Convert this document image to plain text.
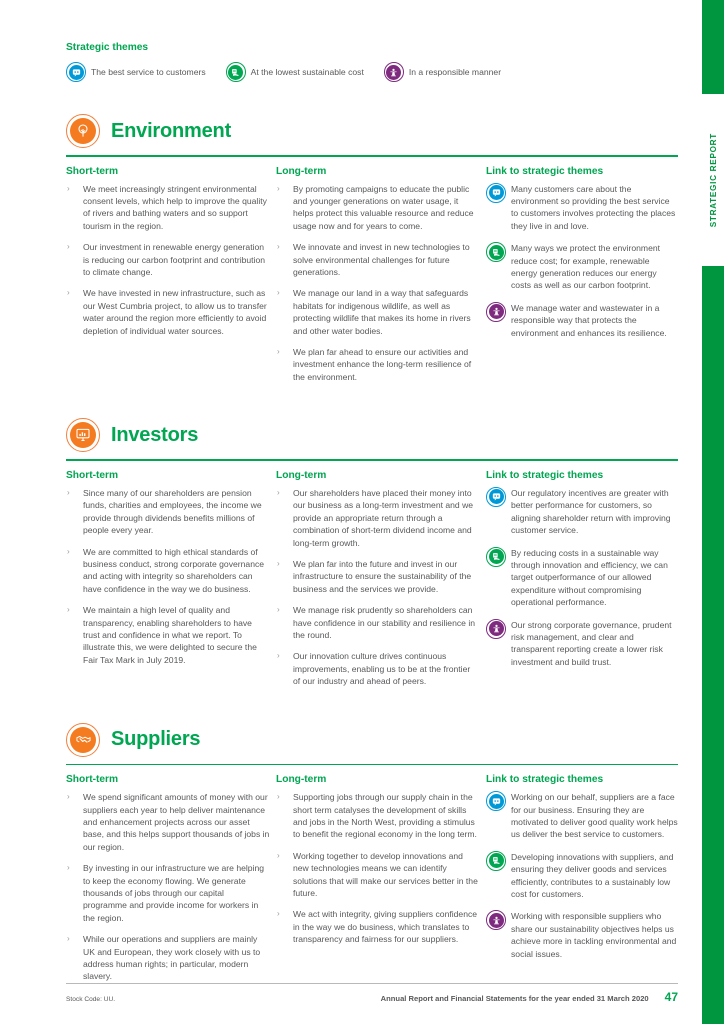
STRATEGIC REPORT
Strategic themes
The best service to customers	At the lowest sustainable cost	In a responsible manner
Environment
Short-term
› We meet increasingly stringent environmental consent levels, which help to improve the quality of rivers and bathing waters and so support tourism in the region.
› Our investment in renewable energy generation is reducing our carbon footprint and contribution to climate change.
› We have invested in new infrastructure, such as our West Cumbria project, to allow us to transfer water around the region more efficiently to avoid depletion of individual water sources.
Long-term
› By promoting campaigns to educate the public and younger generations on water usage, it helps protect this valuable resource and reduce usage now and for years to come.
› We innovate and invest in new technologies to solve environmental challenges for future generations.
› We manage our land in a way that safeguards habitats for indigenous wildlife, as well as protecting wildlife that makes its home in rivers and other water bodies.
› We plan far ahead to ensure our activities and investment enhance the long-term resilience of the environment.
Link to strategic themes
Many customers care about the environment so providing the best service to customers involves protecting the places they live in and love.
Many ways we protect the environment reduce cost; for example, renewable energy generation reduces our energy costs as well as our carbon footprint.
We manage water and wastewater in a responsible way that protects the environment and enhances its resilience.
Investors
Short-term
› Since many of our shareholders are pension funds, charities and employees, the income we provide through dividends benefits millions of people every year.
› We are committed to high ethical standards of business conduct, strong corporate governance and acting with integrity so shareholders can have confidence in the way we do business.
› We maintain a high level of quality and transparency, enabling shareholders to have trust and confidence in what we report. To illustrate this, we were delighted to secure the Fair Tax Mark in July 2019.
Long-term
› Our shareholders have placed their money into our business as a long-term investment and we provide an appropriate return through a combination of short-term dividend income and long-term growth.
› We plan far into the future and invest in our infrastructure to ensure the sustainability of the business and the services we provide.
› We manage risk prudently so shareholders can have confidence in our stability and resilience in the round.
› Our innovation culture drives continuous improvements, enabling us to be at the frontier of our industry and ahead of peers.
Link to strategic themes
Our regulatory incentives are greater with better performance for customers, so aligning shareholder return with improving customer service.
By reducing costs in a sustainable way through innovation and efficiency, we can target outperformance of our allowed expenditure without compromising operational performance.
Our strong corporate governance, prudent risk management, and clear and transparent reporting create a lower risk investment and build trust.
Suppliers
Short-term
› We spend significant amounts of money with our suppliers each year to help deliver maintenance and enhancement projects across our asset base, and this helps support thousands of jobs in our region.
› By investing in our infrastructure we are helping to keep the economy flowing. We generate thousands of jobs through our capital programme and provide income for workers in the region.
› While our operations and suppliers are mainly UK and European, they work closely with us to address human rights; in particular, modern slavery.
Long-term
› Supporting jobs through our supply chain in the short term catalyses the development of skills and jobs in the North West, providing a stimulus to benefit the regional economy in the long term.
› Working together to develop innovations and new technologies means we can identify solutions that will make our services better in the future.
› We act with integrity, giving suppliers confidence in the way we do business, which translates to transparency and fairness for our suppliers.
Link to strategic themes
Working on our behalf, suppliers are a face for our business. Ensuring they are motivated to deliver good quality work helps us deliver the best service to customers.
Developing innovations with suppliers, and ensuring they deliver goods and services efficiently, contributes to a sustainably low cost for customers.
Working with responsible suppliers who share our sustainability objectives helps us achieve more in tackling environmental and social issues.
Stock Code: UU.	Annual Report and Financial Statements for the year ended 31 March 2020 47
